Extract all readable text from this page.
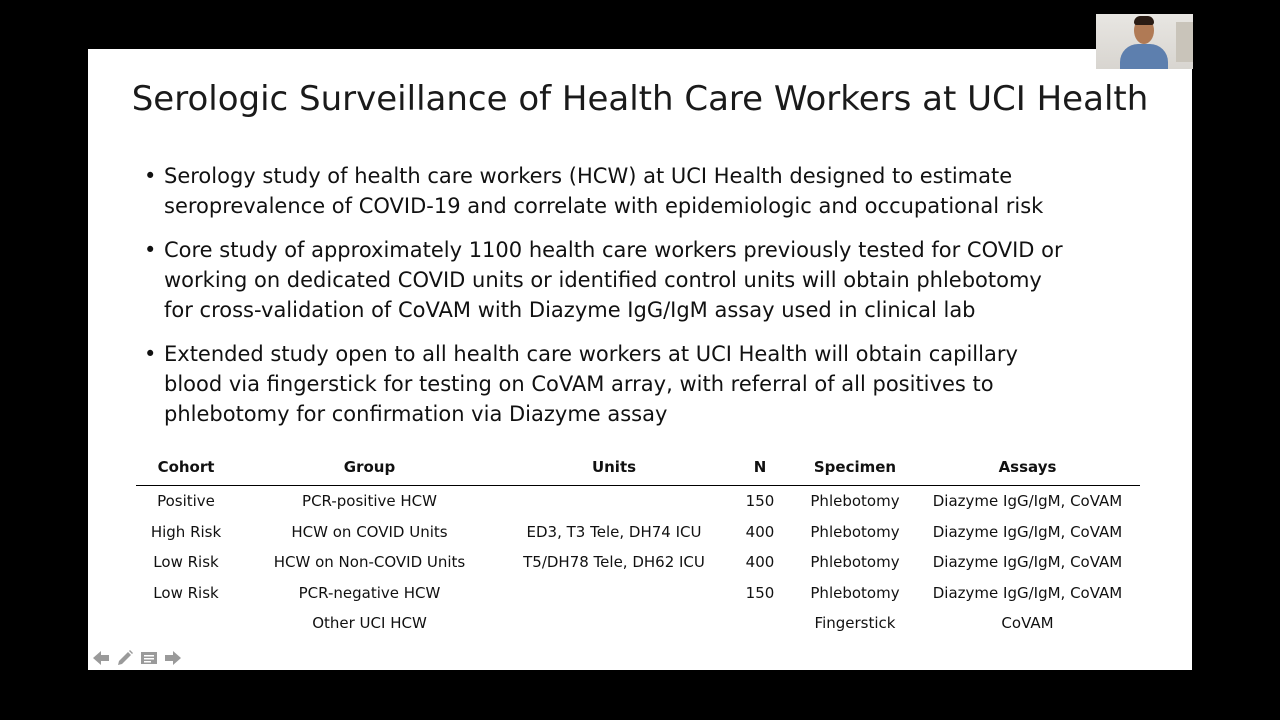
Serologic Surveillance of Health Care Workers at UCI Health
• Serology study of health care workers (HCW) at UCI Health designed to estimate
seroprevalence of COVID-19 and correlate with epidemiologic and occupational risk
• Core study of approximately 1100 health care workers previously tested for COVID or
working on dedicated COVID units or identified control units will obtain phlebotomy
for cross-validation of CoVAM with Diazyme IgG/IgM assay used in clinical lab
• Extended study open to all health care workers at UCI Health will obtain capillary
blood via fingerstick for testing on CoVAM array, with referral of all positives to
phlebotomy for confirmation via Diazyme assay
Cohort	Group	Units	N	Specimen	Assays
Positive	PCR-positive HCW		150	Phlebotomy	Diazyme IgG/IgM, CoVAM
High Risk	HCW on COVID Units	ED3, T3 Tele, DH74 ICU	400	Phlebotomy	Diazyme IgG/IgM, CoVAM
Low Risk	HCW on Non-COVID Units	T5/DH78 Tele, DH62 ICU	400	Phlebotomy	Diazyme IgG/IgM, CoVAM
Low Risk	PCR-negative HCW		150	Phlebotomy	Diazyme IgG/IgM, CoVAM
	Other UCI HCW			Fingerstick	CoVAM
